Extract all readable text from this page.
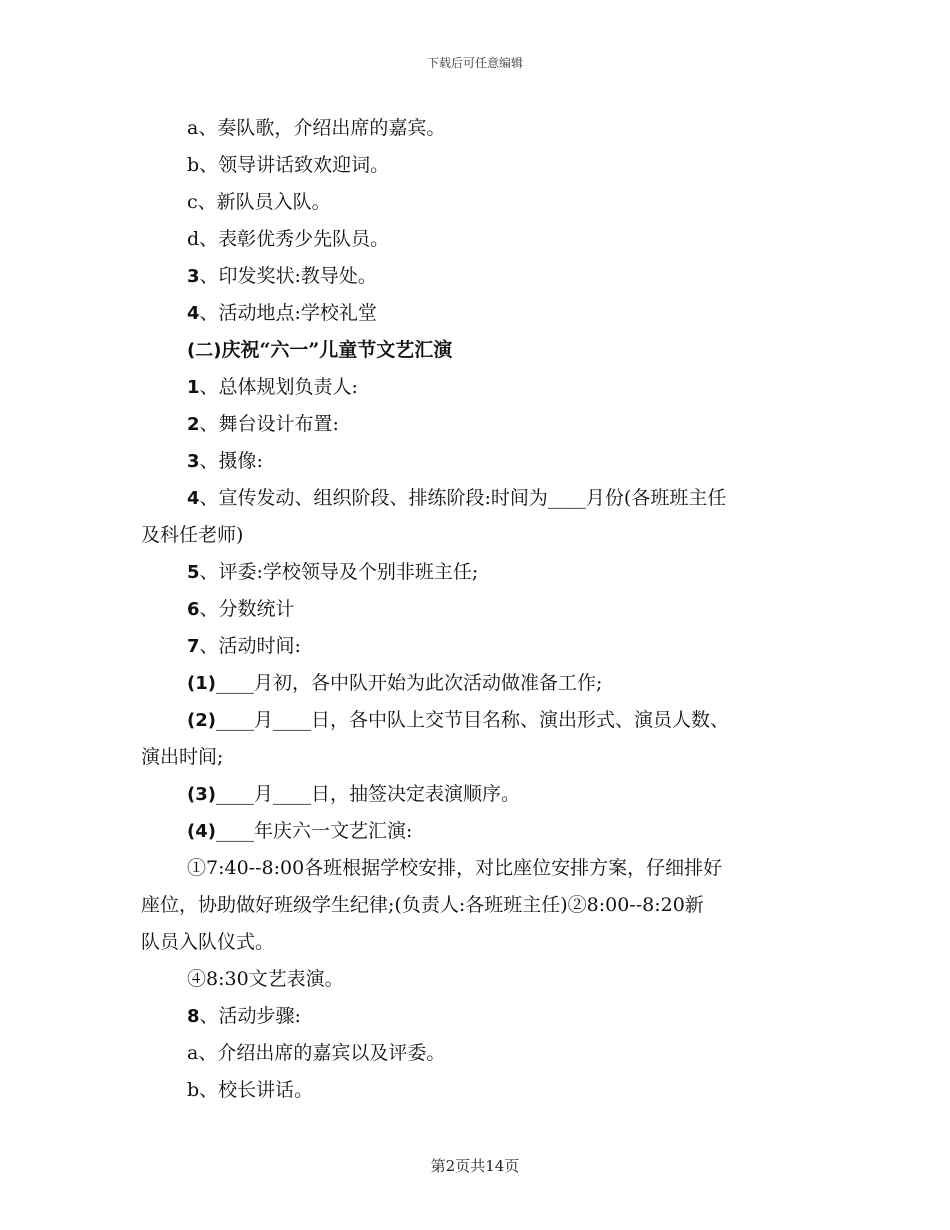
下载后可任意编辑
a、奏队歌，介绍出席的嘉宾。
b、领导讲话致欢迎词。
c、新队员入队。
d、表彰优秀少先队员。
3、印发奖状:教导处。
4、活动地点:学校礼堂
(二)庆祝“六一”儿童节文艺汇演
1、总体规划负责人:
2、舞台设计布置:
3、摄像:
4、宣传发动、组织阶段、排练阶段:时间为____月份(各班班主任
及科任老师)
5、评委:学校领导及个别非班主任;
6、分数统计
7、活动时间:
(1)____月初，各中队开始为此次活动做准备工作;
(2)____月____日，各中队上交节目名称、演出形式、演员人数、
演出时间;
(3)____月____日，抽签决定表演顺序。
(4)____年庆六一文艺汇演:
①7:40--8:00各班根据学校安排，对比座位安排方案，仔细排好
座位，协助做好班级学生纪律;(负责人:各班班主任)②8:00--8:20新
队员入队仪式。
④8:30文艺表演。
8、活动步骤:
a、介绍出席的嘉宾以及评委。
b、校长讲话。
第2页共14页
